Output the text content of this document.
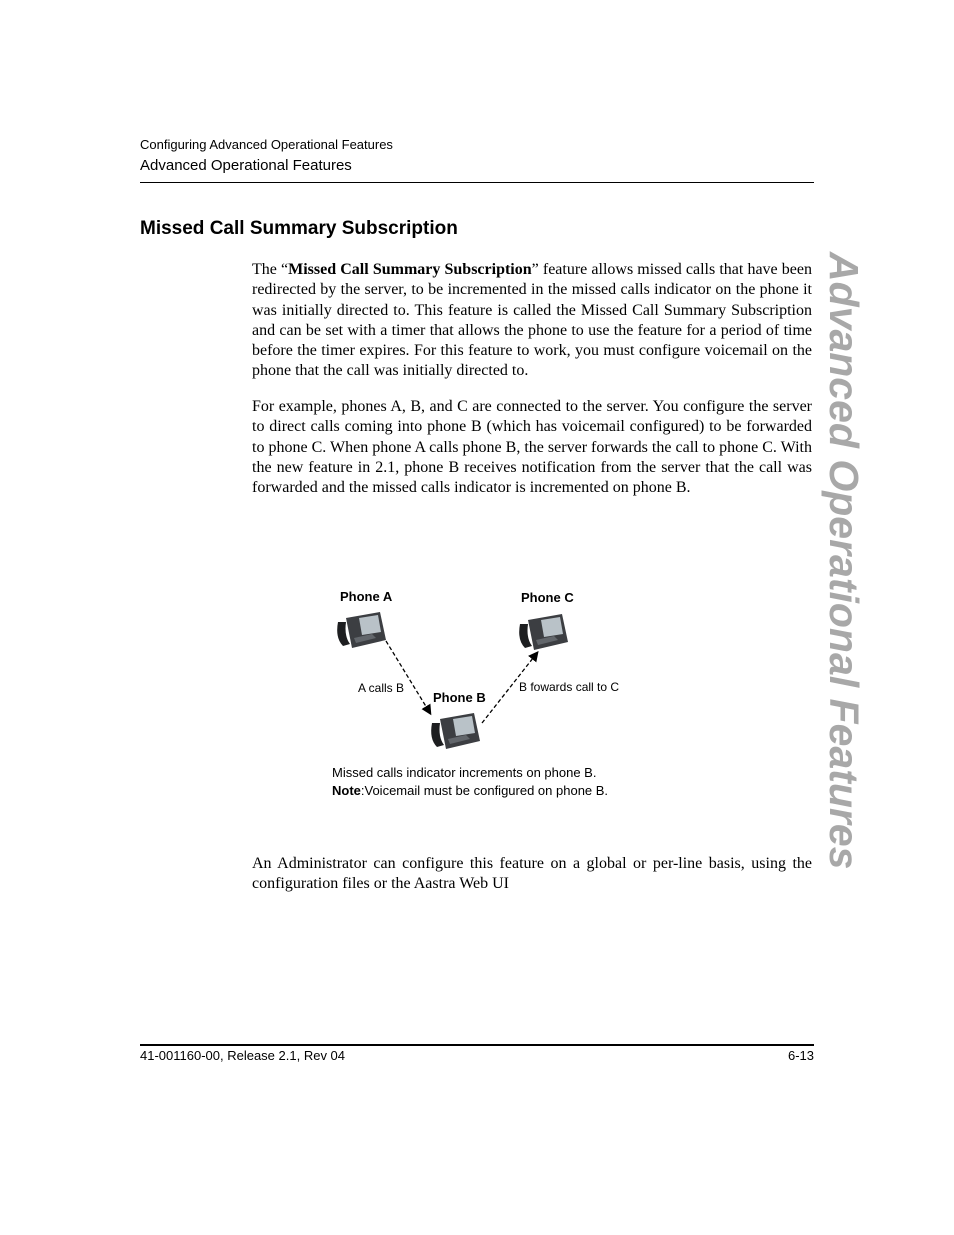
Configuring Advanced Operational Features
Advanced Operational Features
Missed Call Summary Subscription
Advanced Operational Features
The “Missed Call Summary Subscription” feature allows missed calls that have been redirected by the server, to be incremented in the missed calls indicator on the phone it was initially directed to. This feature is called the Missed Call Summary Subscription and can be set with a timer that allows the phone to use the feature for a period of time before the timer expires. For this feature to work, you must configure voicemail on the phone that the call was initially directed to.
For example, phones A, B, and C are connected to the server. You configure the server to direct calls coming into phone B (which has voicemail configured) to be forwarded to phone C. When phone A calls phone B, the server forwards the call to phone C. With the new feature in 2.1, phone B receives notification from the server that the call was forwarded and the missed calls indicator is incremented on phone B.
Phone A	Phone C
Phone B
A calls B	B fowards call to C
Missed calls indicator increments on phone B.
Note:Voicemail must be configured on phone B.
An Administrator can configure this feature on a global or per-line basis, using the configuration files or the Aastra Web UI
41-001160-00, Release 2.1, Rev 04	6-13
